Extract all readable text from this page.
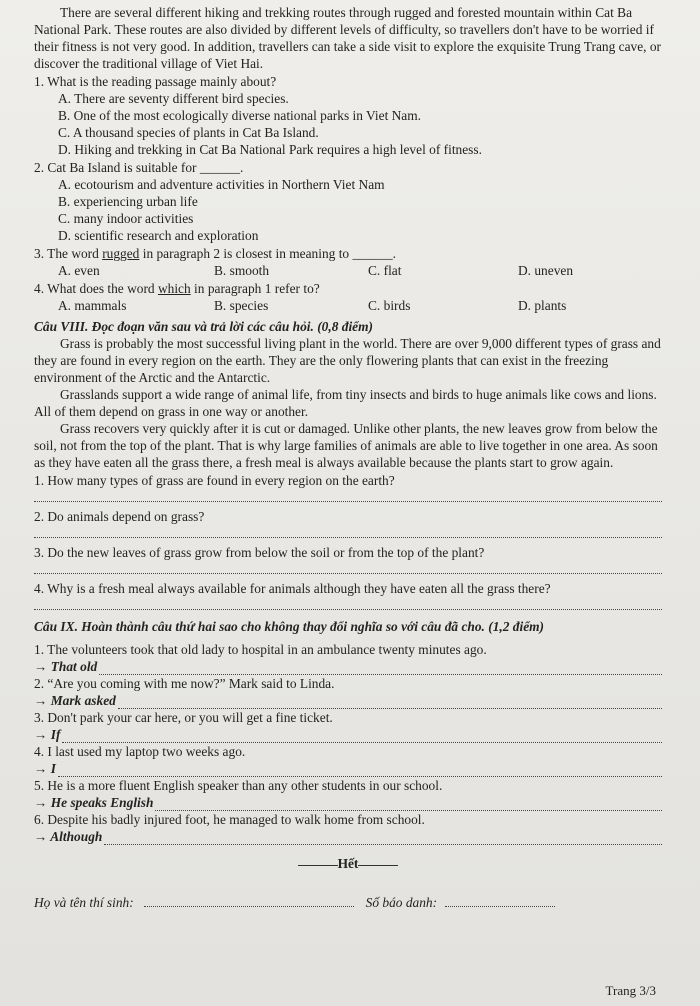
There are several different hiking and trekking routes through rugged and forested mountain within Cat Ba National Park. These routes are also divided by different levels of difficulty, so travellers don't have to be worried if their fitness is not very good. In addition, travellers can take a side visit to explore the exquisite Trung Trang cave, or discover the traditional village of Viet Hai.

1. What is the reading passage mainly about?

A. There are seventy different bird species.

B. One of the most ecologically diverse national parks in Viet Nam.

C. A thousand species of plants in Cat Ba Island.

D. Hiking and trekking in Cat Ba National Park requires a high level of fitness.

2. Cat Ba Island is suitable for ______.

A. ecotourism and adventure activities in Northern Viet Nam

B. experiencing urban life

C. many indoor activities

D. scientific research and exploration

3. The word rugged in paragraph 2 is closest in meaning to ______.

A. even	B. smooth	C. flat	D. uneven

4. What does the word which in paragraph 1 refer to?

A. mammals	B. species	C. birds	D. plants

Câu VIII. Đọc đoạn văn sau và trả lời các câu hỏi. (0,8 điểm)

Grass is probably the most successful living plant in the world. There are over 9,000 different types of grass and they are found in every region on the earth. They are the only flowering plants that can exist in the freezing environment of the Arctic and the Antarctic.

Grasslands support a wide range of animal life, from tiny insects and birds to huge animals like cows and lions. All of them depend on grass in one way or another.

Grass recovers very quickly after it is cut or damaged. Unlike other plants, the new leaves grow from below the soil, not from the top of the plant. That is why large families of animals are able to live together in one area. As soon as they have eaten all the grass there, a fresh meal is always available because the plants start to grow again.

1. How many types of grass are found in every region on the earth?

2. Do animals depend on grass?

3. Do the new leaves of grass grow from below the soil or from the top of the plant?

4. Why is a fresh meal always available for animals although they have eaten all the grass there?

Câu IX. Hoàn thành câu thứ hai sao cho không thay đổi nghĩa so với câu đã cho. (1,2 điểm)

1. The volunteers took that old lady to hospital in an ambulance twenty minutes ago.

→ That old

2. “Are you coming with me now?” Mark said to Linda.

→ Mark asked

3. Don't park your car here, or you will get a fine ticket.

→ If

4. I last used my laptop two weeks ago.

→ I

5. He is a more fluent English speaker than any other students in our school.

→ He speaks English

6. Despite his badly injured foot, he managed to walk home from school.

→ Although
Hết
Họ và tên thí sinh:	Số báo danh:
Trang 3/3
